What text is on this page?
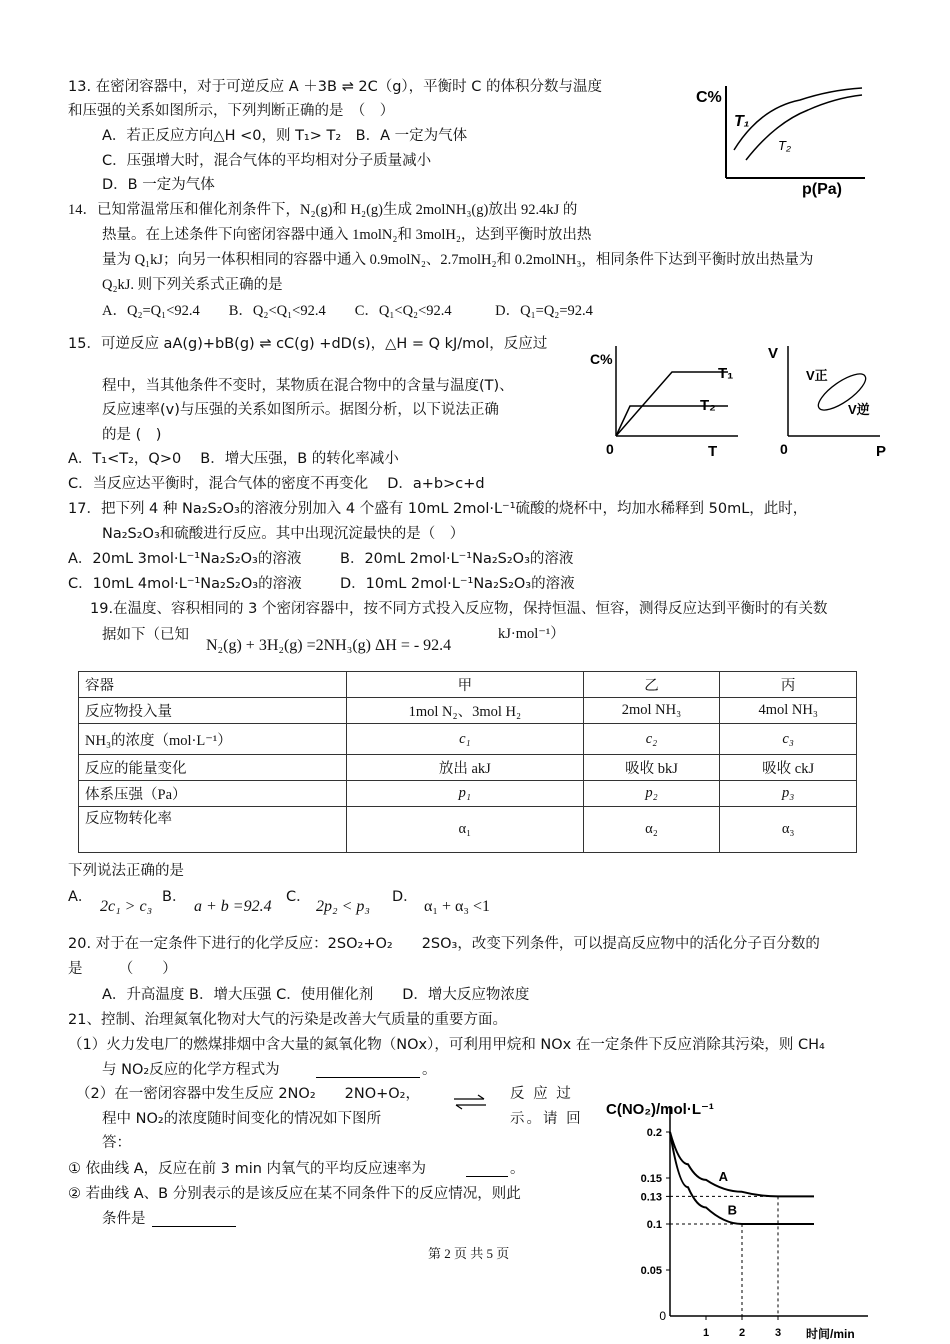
13. 在密闭容器中，对于可逆反应 A ＋3B ⇌ 2C（g），平衡时 C 的体积分数与温度
和压强的关系如图所示，下列判断正确的是　（　）
A．若正反应方向△H <0，则 T₁> T₂　B．A 一定为气体
C．压强增大时，混合气体的平均相对分子质量减小
D．B 一定为气体
C%
T₁
T₂
p(Pa)
14．已知常温常压和催化剂条件下，N₂(g)和 H₂(g)生成 2molNH₃(g)放出 92.4kJ 的
热量。在上述条件下向密闭容器中通入 1molN₂和 3molH₂，达到平衡时放出热
量为 Q₁kJ；向另一体积相同的容器中通入 0.9molN₂、2.7molH₂和 0.2molNH₃，相同条件下达到平衡时放出热量为
Q₂kJ. 则下列关系式正确的是
A．Q₂=Q₁<92.4　　B．Q₂<Q₁<92.4　　C．Q₁<Q₂<92.4　　　D．Q₁=Q₂=92.4
15．可逆反应 aA(g)+bB(g) ⇌ cC(g) +dD(s)，△H = Q kJ/mol，反应过
程中，当其他条件不变时，某物质在混合物中的含量与温度(T)、
反应速率(v)与压强的关系如图所示。据图分析，以下说法正确
的是 (　)
A．T₁<T₂，Q>0　 B．增大压强，B 的转化率减小
C．当反应达平衡时，混合气体的密度不再变化　 D．a+b>c+d
C%
T₁
T₂
0	T
V
V正
V逆
0	P
17．把下列 4 种 Na₂S₂O₃的溶液分别加入 4 个盛有 10mL 2mol·L⁻¹硫酸的烧杯中，均加水稀释到 50mL，此时，
Na₂S₂O₃和硫酸进行反应。其中出现沉淀最快的是（　）
A．20mL 3mol·L⁻¹Na₂S₂O₃的溶液	B．20mL 2mol·L⁻¹Na₂S₂O₃的溶液
C．10mL 4mol·L⁻¹Na₂S₂O₃的溶液	D．10mL 2mol·L⁻¹Na₂S₂O₃的溶液
19.在温度、容积相同的 3 个密闭容器中，按不同方式投入反应物，保持恒温、恒容，测得反应达到平衡时的有关数
据如下（已知
N₂(g) + 3H₂(g) =2NH₃(g) ΔH = - 92.4
kJ·mol⁻¹）
容器	甲	乙	丙
反应物投入量	1mol N₂、3mol H₂	2mol NH₃	4mol NH₃
NH₃的浓度（mol·L⁻¹）	c₁	c₂	c₃
反应的能量变化	放出 akJ	吸收 bkJ	吸收 ckJ
体系压强（Pa）	p₁	p₂	p₃
反应物转化率	α₁	α₂	α₃
下列说法正确的是
A．
2c₁ > c₃
B．
a + b =92.4
C．
2p₂ < p₃
D．
α₁ + α₃ <1
20. 对于在一定条件下进行的化学反应：2SO₂+O₂　　2SO₃，改变下列条件，可以提高反应物中的活化分子百分数的
是　　　（　　）
A．升高温度 B．增大压强 C．使用催化剂　　D．增大反应物浓度
21、控制、治理氮氧化物对大气的污染是改善大气质量的重要方面。
（1）火力发电厂的燃煤排烟中含大量的氮氧化物（NOx），可利用甲烷和 NOx 在一定条件下反应消除其污染，则 CH₄
与 NO₂反应的化学方程式为	。
（2）在一密闭容器中发生反应 2NO₂　　2NO+O₂，	反 应 过
程中 NO₂的浓度随时间变化的情况如下图所	示。请 回
答：
① 依曲线 A，反应在前 3 min 内氧气的平均反应速率为	。
② 若曲线 A、B 分别表示的是该反应在某不同条件下的反应情况，则此
条件是
第 2 页 共 5 页
C(NO₂)/mol·L⁻¹
时间/min
0
0.05
0.1
0.13
0.15
0.2
1	2	3
A
B
